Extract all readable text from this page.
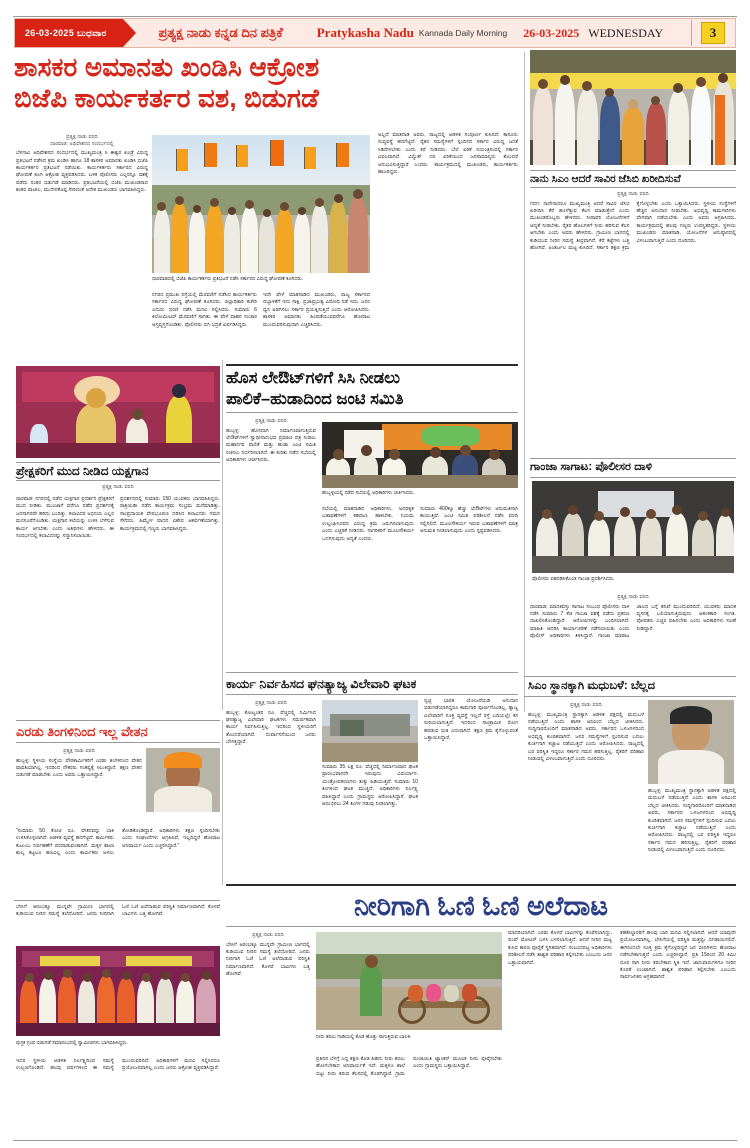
26-03-2025 ಬುಧವಾರ	ಪ್ರತ್ಯಕ್ಷ ನಾಡು ಕನ್ನಡ ದಿನ ಪತ್ರಿಕೆ	Pratykasha Nadu Kannada Daily Morning 26-03-2025 WEDNESDAY	3
ಶಾಸಕರ ಅಮಾನತು ಖಂಡಿಸಿ ಆಕ್ರೋಶ
ಬಿಜೆಪಿ ಕಾರ್ಯಕರ್ತರ ವಶ, ಬಿಡುಗಡೆ
ಪ್ರತ್ಯಕ್ಷ ನಾಡು ವರದಿ
ಧಾರವಾಡ: ಅಧಿವೇಶನದ ಸಂದರ್ಭದಲ್ಲಿ
ಬೆಳಗಾವಿ ಅಧಿವೇಶನದ ಸಂದರ್ಭದಲ್ಲಿ ಮುಖ್ಯಮಂತ್ರಿ ಸಿ ಈಶ್ವರ ಖಂಡ್ರೆ ವಿರುದ್ಧ ಪ್ರತಿಭಟನೆ ನಡೆಸಿದ ಕ್ರಮ ಖಂಡಿಸಿ ಹಾಗೂ 18 ಶಾಸಕರ ಅಮಾನತು ಖಂಡಿಸಿ ಬಿಜೆಪಿ ಕಾರ್ಯಕರ್ತರ ಪ್ರತಿಭಟನೆ ನಡೆಯಿತು. ಕಾರ್ಯಕರ್ತರು ಸರ್ಕಾರದ ವಿರುದ್ಧ ಘೋಷಣೆ ಕೂಗಿ ಆಕ್ರೋಶ ವ್ಯಕ್ತಪಡಿಸಿದರು. ಬಳಿಕ ಪೊಲೀಸರು ಎಲ್ಲರನ್ನೂ ವಶಕ್ಕೆ ಪಡೆದು ನಂತರ ಬಿಡುಗಡೆ ಮಾಡಿದರು. ಪ್ರತಿಭಟನೆಯಲ್ಲಿ ಬಿಜೆಪಿ ಮುಖಂಡರಾದ ಶಂಕರ ಪಾಟೀಲ, ಮುನೇನಕೊಪ್ಪ ಸೇರಿದಂತೆ ಅನೇಕ ಮುಖಂಡರು ಭಾಗವಹಿಸಿದ್ದರು.
ಧಾರವಾಡದಲ್ಲಿ ಬಿಜೆಪಿ ಕಾರ್ಯಕರ್ತರು ಪ್ರತಿಭಟನೆ ನಡೆಸಿ ಸರ್ಕಾರದ ವಿರುದ್ಧ ಘೋಷಣೆ ಕೂಗಿದರು.
ನಗರದ ಪ್ರಮುಖ ರಸ್ತೆಯಲ್ಲಿ ಮೆರವಣಿಗೆ ನಡೆಸಿದ ಕಾರ್ಯಕರ್ತರು ಸರ್ಕಾರದ ವಿರುದ್ಧ ಘೋಷಣೆ ಕೂಗಿದರು. ಜಿಲ್ಲಾಧಿಕಾರಿ ಕಚೇರಿ ಎದುರು ಧರಣಿ ನಡೆಸಿ ಮನವಿ ಸಲ್ಲಿಸಿದರು. ಸುಮಾರು 6 ಕಿಲೋಮೀಟರ್ ಮೆರವಣಿಗೆ ಸಾಗಿತು. ಈ ವೇಳೆ ವಾಹನ ಸಂಚಾರ ಅಸ್ತವ್ಯಸ್ತಗೊಂಡಿತು. ಪೊಲೀಸರು ಬಿಗಿ ಭದ್ರತೆ ಏರ್ಪಡಿಸಿದ್ದರು.
ಇದೇ ವೇಳೆ ಮಾತನಾಡಿದ ಮುಖಂಡರು, ರಾಜ್ಯ ಸರ್ಕಾರದ ದಬ್ಬಾಳಿಕೆಗೆ ಇದು ಸಾಕ್ಷಿ. ಪ್ರಜಾಪ್ರಭುತ್ವ ವಿರೋಧಿ ನಡೆ ಇದು. ಜನರ ಧ್ವನಿ ಅಡಗಿಸಲು ಸರ್ಕಾರ ಪ್ರಯತ್ನಿಸುತ್ತಿದೆ ಎಂದು ಆರೋಪಿಸಿದರು. ಶಾಸಕರ ಅಮಾನತು ಹಿಂಪಡೆಯುವವರೆಗೂ ಹೋರಾಟ ಮುಂದುವರಿಸುವುದಾಗಿ ಎಚ್ಚರಿಸಿದರು.
ಅಲ್ಲದೆ ಮಾತನಾಡಿ ಅವರು, ರಾಜ್ಯದಲ್ಲಿ ಆಡಳಿತ ಸಂಪೂರ್ಣ ಕುಸಿದಿದೆ. ಕಾನೂನು ಸುವ್ಯವಸ್ಥೆ ಹದಗೆಟ್ಟಿದೆ. ರೈತರ ಸಮಸ್ಯೆಗಳಿಗೆ ಸ್ಪಂದಿಸದ ಸರ್ಕಾರ ವಿರುದ್ಧ ಜನತೆ ಸಿಡಿದೇಳಬೇಕು ಎಂದು ಕರೆ ನೀಡಿದರು. ಬೆಲೆ ಏರಿಕೆ ನಿಯಂತ್ರಿಸುವಲ್ಲಿ ಸರ್ಕಾರ ವಿಫಲವಾಗಿದೆ. ವಿದ್ಯುತ್ ದರ ಏರಿಕೆಯಿಂದ ಜನಸಾಮಾನ್ಯರು ತೊಂದರೆ ಅನುಭವಿಸುತ್ತಿದ್ದಾರೆ ಎಂದರು. ಕಾರ್ಯಕ್ರಮದಲ್ಲಿ ಮುಖಂಡರು, ಕಾರ್ಯಕರ್ತರು ಹಾಜರಿದ್ದರು.
ನಾನು ಸಿಎಂ ಆದರೆ ಸಾವಿರ ಜೆಸಿಬಿ ಖರೀದಿಸುವೆ
ಪ್ರತ್ಯಕ್ಷ ನಾಡು ವರದಿ
ಗದಗ: ನಾನೇನಾದರೂ ಮುಖ್ಯಮಂತ್ರಿ ಆದರೆ ಸಾವಿರ ಜೆಸಿಬಿ ಖರೀದಿಸಿ ಕೆರೆ ಹೂಳೆತ್ತುವ ಕೆಲಸ ಮಾಡುತ್ತೇನೆ ಎಂದು ಮುಖಂಡರೊಬ್ಬರು ಹೇಳಿದರು. ನೀರಾವರಿ ಯೋಜನೆಗಳಿಗೆ ಆದ್ಯತೆ ನೀಡಬೇಕು. ರೈತರ ಹೊಲಗಳಿಗೆ ನೀರು ಹರಿಸುವ ಕೆಲಸ ಆಗಬೇಕು ಎಂದು ಅವರು ಹೇಳಿದರು. ಗ್ರಾಮೀಣ ಭಾಗದಲ್ಲಿ ಕುಡಿಯುವ ನೀರಿನ ಸಮಸ್ಯೆ ತೀವ್ರವಾಗಿದೆ. ಕೆರೆ ಕಟ್ಟೆಗಳು ಬತ್ತಿ ಹೋಗಿವೆ. ಅಂತರ್ಜಲ ಮಟ್ಟ ಕುಸಿದಿದೆ. ಸರ್ಕಾರ ತಕ್ಷಣ ಕ್ರಮ ಕೈಗೊಳ್ಳಬೇಕು ಎಂದು ಒತ್ತಾಯಿಸಿದರು. ಸ್ಥಳೀಯ ಸಂಸ್ಥೆಗಳಿಗೆ ಹೆಚ್ಚಿನ ಅನುದಾನ ನೀಡಬೇಕು. ಅಭಿವೃದ್ಧಿ ಕಾಮಗಾರಿಗಳು ವೇಗವಾಗಿ ನಡೆಯಬೇಕು ಎಂದು ಅವರು ಆಗ್ರಹಿಸಿದರು. ಕಾರ್ಯಕ್ರಮದಲ್ಲಿ ಹಲವು ಗಣ್ಯರು ಉಪಸ್ಥಿತರಿದ್ದರು. ಸ್ಥಳೀಯ ಮುಖಂಡರು ಮಾತನಾಡಿ, ಯೋಜನೆಗಳ ಅನುಷ್ಠಾನದಲ್ಲಿ ವಿಳಂಬವಾಗುತ್ತಿದೆ ಎಂದು ದೂರಿದರು.
ಪ್ರೇಕ್ಷಕರಿಗೆ ಮುದ ನೀಡಿದ ಯಕ್ಷಗಾನ
ಪ್ರತ್ಯಕ್ಷ ನಾಡು ವರದಿ
ಧಾರವಾಡ: ನಗರದಲ್ಲಿ ನಡೆದ ಯಕ್ಷಗಾನ ಪ್ರದರ್ಶನ ಪ್ರೇಕ್ಷಕರಿಗೆ ಮುದ ನೀಡಿತು. ಮುಂಜಾನೆ ವರೆಗೂ ನಡೆದ ಪ್ರದರ್ಶನಕ್ಕೆ ಜನಸಾಗರವೇ ಹರಿದು ಬಂದಿತ್ತು. ಕಲಾವಿದರ ಅಭಿನಯ ಎಲ್ಲರ ಮನಸೂರೆಗೊಂಡಿತು. ಯಕ್ಷಗಾನ ಕಲೆಯನ್ನು ಉಳಿಸಿ ಬೆಳೆಸುವ ಕಾರ್ಯ ಆಗಬೇಕು ಎಂದು ಅತಿಥಿಗಳು ಹೇಳಿದರು. ಈ ಸಂದರ್ಭದಲ್ಲಿ ಕಲಾವಿದರನ್ನು ಸನ್ಮಾನಿಸಲಾಯಿತು.
ಪ್ರದರ್ಶನದಲ್ಲಿ ಸುಮಾರು 150 ಯುವಕರು ಭಾಗವಹಿಸಿದ್ದರು. ರಾತ್ರಿಯಿಡೀ ನಡೆದ ಕಾರ್ಯಕ್ರಮ ಸಂಭ್ರಮ ಮನೆಮಾಡಿತ್ತು. ಸಾಂಪ್ರದಾಯಿಕ ವೇಷಭೂಷಣ ಧರಿಸಿದ ಕಲಾವಿದರು ಗಮನ ಸೆಳೆದರು. ಹಿಮ್ಮೇಳ ವಾದನ ವಿಶೇಷ ಆಕರ್ಷಣೆಯಾಗಿತ್ತು. ಕಾರ್ಯಕ್ರಮದಲ್ಲಿ ಗಣ್ಯರು ಭಾಗವಹಿಸಿದ್ದರು.
ಹೊಸ ಲೇಔಟ್‌ಗಳಿಗೆ ಸಿಸಿ ನೀಡಲು
ಪಾಲಿಕೆ–ಹುಡಾದಿಂದ ಜಂಟಿ ಸಮಿತಿ
ಪ್ರತ್ಯಕ್ಷ ನಾಡು ವರದಿ
ಹುಬ್ಬಳ್ಳಿ: ಹೊಸದಾಗಿ ನಿರ್ಮಾಣವಾಗುತ್ತಿರುವ ಲೇಔಟ್‌ಗಳಿಗೆ ಸ್ವಾಧೀನಾನುಭವ ಪ್ರಮಾಣ ಪತ್ರ ನೀಡಲು ಮಹಾನಗರ ಪಾಲಿಕೆ ಮತ್ತು ಹುಡಾ ಜಂಟಿ ಸಮಿತಿ ರಚಿಸಲು ನಿರ್ಧರಿಸಲಾಗಿದೆ. ಈ ಕುರಿತು ನಡೆದ ಸಭೆಯಲ್ಲಿ ಅಧಿಕಾರಿಗಳು ಚರ್ಚಿಸಿದರು.
ಹುಬ್ಬಳ್ಳಿಯಲ್ಲಿ ನಡೆದ ಸಭೆಯಲ್ಲಿ ಅಧಿಕಾರಿಗಳು ಚರ್ಚಿಸಿದರು.
ಸಭೆಯಲ್ಲಿ ಮಾತನಾಡಿದ ಅಧಿಕಾರಿಗಳು, ಅನಧಿಕೃತ ಬಡಾವಣೆಗಳಿಗೆ ಕಡಿವಾಣ ಹಾಕಬೇಕು. ನಿಯಮ ಉಲ್ಲಂಘಿಸಿದವರ ವಿರುದ್ಧ ಕ್ರಮ ಜರುಗಿಸಲಾಗುವುದು ಎಂದು ಎಚ್ಚರಿಕೆ ನೀಡಿದರು. ನಾಗರಿಕರಿಗೆ ಮೂಲಸೌಕರ್ಯ ಒದಗಿಸುವುದು ಆದ್ಯತೆ ಎಂದರು.
ಸುಮಾರು 400ಕ್ಕೂ ಹೆಚ್ಚು ಲೇಔಟ್‌ಗಳು ಅನುಮತಿಗಾಗಿ ಕಾಯುತ್ತಿವೆ. ಜಂಟಿ ಸಮಿತಿ ಪರಿಶೀಲನೆ ನಡೆಸಿ ವರದಿ ಸಲ್ಲಿಸಲಿದೆ. ಮೂಲಸೌಕರ್ಯ ಇರುವ ಬಡಾವಣೆಗಳಿಗೆ ಮಾತ್ರ ಅನುಮತಿ ನೀಡಲಾಗುವುದು ಎಂದು ಸ್ಪಷ್ಟಪಡಿಸಿದರು.
ಗಾಂಜಾ ಸಾಗಾಟ: ಪೊಲೀಸರ ದಾಳಿ
ಪೊಲೀಸರು ವಶಪಡಿಸಿಕೊಂಡ ಗಾಂಜಾ ಪ್ರದರ್ಶಿಸಿದರು.
ಪ್ರತ್ಯಕ್ಷ ನಾಡು ವರದಿ
ಧಾರವಾಡ: ಮಾದಕವಸ್ತು ಸಾಗಾಟ ಸಂಬಂಧ ಪೊಲೀಸರು ದಾಳಿ ನಡೆಸಿ ಸುಮಾರು 7 ಕೆಜಿ ಗಾಂಜಾ ವಶಕ್ಕೆ ಪಡೆದು ಪ್ರಕರಣ ದಾಖಲಿಸಿಕೊಂಡಿದ್ದಾರೆ. ಆರೋಪಿಗಳನ್ನು ಬಂಧಿಸಲಾಗಿದೆ. ಮಾಹಿತಿ ಆಧರಿಸಿ ಕಾರ್ಯಾಚರಣೆ ನಡೆಸಲಾಯಿತು ಎಂದು ಪೊಲೀಸ್ ಅಧಿಕಾರಿಗಳು ತಿಳಿಸಿದ್ದಾರೆ. ಗಾಂಜಾ ಮಾರಾಟ ಜಾಲದ ಬಗ್ಗೆ ತನಿಖೆ ಮುಂದುವರಿದಿದೆ. ಯುವಕರು ಮಾದಕ ವ್ಯಸನಕ್ಕೆ ಬಲಿಯಾಗುತ್ತಿರುವುದು ಆತಂಕಕಾರಿ ಸಂಗತಿ. ಪೋಷಕರು ಎಚ್ಚರ ವಹಿಸಬೇಕು ಎಂದು ಅಧಿಕಾರಿಗಳು ಸಲಹೆ ನೀಡಿದ್ದಾರೆ.
ಕಾರ್ಯ ನಿರ್ವಹಿಸದ ಘನತ್ಯಾಜ್ಯ ವಿಲೇವಾರಿ ಘಟಕ
ಪ್ರತ್ಯಕ್ಷ ನಾಡು ವರದಿ
ಹುಬ್ಬಳ್ಳಿ: ಕೋಟ್ಯಂತರ ರೂ. ವೆಚ್ಚದಲ್ಲಿ ನಿರ್ಮಿಸಿದ ಘನತ್ಯಾಜ್ಯ ವಿಲೇವಾರಿ ಘಟಕಗಳು ಸಮರ್ಪಕವಾಗಿ ಕಾರ್ಯ ನಿರ್ವಹಿಸುತ್ತಿಲ್ಲ. ಇದರಿಂದ ಸ್ಥಳೀಯರಿಗೆ ತೊಂದರೆಯಾಗಿದೆ. ದುರ್ವಾಸನೆಯಿಂದ ಜನರು ಬೇಸತ್ತಿದ್ದಾರೆ.
ಸುಮಾರು 35 ಲಕ್ಷ ರೂ. ವೆಚ್ಚದಲ್ಲಿ ನಿರ್ಮಾಣವಾದ ಘಟಕ ಪ್ರಾರಂಭವಾಗದೇ ಇರುವುದು ವಿಪರ್ಯಾಸ. ಯಂತ್ರೋಪಕರಣಗಳು ತುಕ್ಕು ಹಿಡಿಯುತ್ತಿವೆ. ಸುಮಾರು 10 ತಿಂಗಳಿಂದ ಘಟಕ ಮುಚ್ಚಿದೆ. ಅಧಿಕಾರಿಗಳು ನಿರ್ಲಕ್ಷ್ಯ ವಹಿಸಿದ್ದಾರೆ ಎಂದು ಗ್ರಾಮಸ್ಥರು ಆರೋಪಿಸಿದ್ದಾರೆ. ಘಟಕ ಆರಂಭಿಸಲು 24 ತಿಂಗಳ ಗಡುವು ನೀಡಲಾಗಿತ್ತು.
ಸ್ವಚ್ಛ ಭಾರತ ಯೋಜನೆಯಡಿ ಅನುದಾನ ಬಿಡುಗಡೆಯಾಗಿದ್ದರೂ ಕಾಮಗಾರಿ ಪೂರ್ಣಗೊಂಡಿಲ್ಲ. ತ್ಯಾಜ್ಯ ವಿಲೇವಾರಿಗೆ ಸೂಕ್ತ ವ್ಯವಸ್ಥೆ ಇಲ್ಲದೆ ರಸ್ತೆ ಬದಿಯಲ್ಲೇ ಕಸ ಸುರಿಯಲಾಗುತ್ತಿದೆ. ಇದರಿಂದ ಸಾಂಕ್ರಾಮಿಕ ರೋಗ ಹರಡುವ ಭೀತಿ ಎದುರಾಗಿದೆ. ತಕ್ಷಣ ಕ್ರಮ ಕೈಗೊಳ್ಳುವಂತೆ ಒತ್ತಾಯಿಸಿದ್ದಾರೆ.
ಸಿಎಂ ಸ್ಥಾನಕ್ಕಾಗಿ ಮಧುಬಳೆ: ಬೆಲ್ಲದ
ಪ್ರತ್ಯಕ್ಷ ನಾಡು ವರದಿ
ಹುಬ್ಬಳ್ಳಿ: ಮುಖ್ಯಮಂತ್ರಿ ಸ್ಥಾನಕ್ಕಾಗಿ ಆಡಳಿತ ಪಕ್ಷದಲ್ಲಿ ಮಧುಬಳೆ ನಡೆಯುತ್ತಿದೆ ಎಂದು ಶಾಸಕ ಅರವಿಂದ ಬೆಲ್ಲದ ಟೀಕಿಸಿದರು. ಸುದ್ದಿಗಾರರೊಂದಿಗೆ ಮಾತನಾಡಿದ ಅವರು, ಸರ್ಕಾರದ ಒಳಜಗಳದಿಂದ ಅಭಿವೃದ್ಧಿ ಕುಂಠಿತವಾಗಿದೆ. ಜನರ ಸಮಸ್ಯೆಗಳಿಗೆ ಸ್ಪಂದಿಸುವ ಬದಲು ಕುರ್ಚಿಗಾಗಿ ಕಚ್ಚಾಟ ನಡೆಯುತ್ತಿದೆ ಎಂದು ಆರೋಪಿಸಿದರು. ರಾಜ್ಯದಲ್ಲಿ ಬರ ಪರಿಸ್ಥಿತಿ ಇದ್ದರೂ ಸರ್ಕಾರ ಗಮನ ಹರಿಸುತ್ತಿಲ್ಲ. ರೈತರಿಗೆ ಪರಿಹಾರ ನೀಡುವಲ್ಲಿ ವಿಳಂಬವಾಗುತ್ತಿದೆ ಎಂದು ದೂರಿದರು.
ಹುಬ್ಬಳ್ಳಿ: ಮುಖ್ಯಮಂತ್ರಿ ಸ್ಥಾನಕ್ಕಾಗಿ ಆಡಳಿತ ಪಕ್ಷದಲ್ಲಿ ಮಧುಬಳೆ ನಡೆಯುತ್ತಿದೆ ಎಂದು ಶಾಸಕ ಅರವಿಂದ ಬೆಲ್ಲದ ಟೀಕಿಸಿದರು. ಸುದ್ದಿಗಾರರೊಂದಿಗೆ ಮಾತನಾಡಿದ ಅವರು, ಸರ್ಕಾರದ ಒಳಜಗಳದಿಂದ ಅಭಿವೃದ್ಧಿ ಕುಂಠಿತವಾಗಿದೆ. ಜನರ ಸಮಸ್ಯೆಗಳಿಗೆ ಸ್ಪಂದಿಸುವ ಬದಲು ಕುರ್ಚಿಗಾಗಿ ಕಚ್ಚಾಟ ನಡೆಯುತ್ತಿದೆ ಎಂದು ಆರೋಪಿಸಿದರು. ರಾಜ್ಯದಲ್ಲಿ ಬರ ಪರಿಸ್ಥಿತಿ ಇದ್ದರೂ ಸರ್ಕಾರ ಗಮನ ಹರಿಸುತ್ತಿಲ್ಲ. ರೈತರಿಗೆ ಪರಿಹಾರ ನೀಡುವಲ್ಲಿ ವಿಳಂಬವಾಗುತ್ತಿದೆ ಎಂದು ದೂರಿದರು.
ಎರಡು ತಿಂಗಳಿನಿಂದ ಇಲ್ಲ ವೇತನ
ಪ್ರತ್ಯಕ್ಷ ನಾಡು ವರದಿ
ಹುಬ್ಬಳ್ಳಿ: ಸ್ಥಳೀಯ ಸಂಸ್ಥೆಯ ಪೌರಕಾರ್ಮಿಕರಿಗೆ ಎರಡು ತಿಂಗಳಿನಿಂದ ವೇತನ ಪಾವತಿಯಾಗಿಲ್ಲ. ಇದರಿಂದ ನೌಕರರು ಸಂಕಷ್ಟಕ್ಕೆ ಸಿಲುಕಿದ್ದಾರೆ. ತಕ್ಷಣ ವೇತನ ಬಿಡುಗಡೆ ಮಾಡಬೇಕು ಎಂದು ಅವರು ಒತ್ತಾಯಿಸಿದ್ದಾರೆ.
"ಸುಮಾರು 50 ಕೋಟಿ ರೂ. ವೇತನವನ್ನು ಬಾಕಿ ಉಳಿಸಿಕೊಳ್ಳಲಾಗಿದೆ. ಆಡಳಿತ ವ್ಯವಸ್ಥೆ ಹದಗೆಟ್ಟಿದೆ. ಕಾರ್ಮಿಕರು ಕುಟುಂಬ ನಿರ್ವಹಣೆಗೆ ಪರದಾಡುವಂತಾಗಿದೆ. ಮಕ್ಕಳ ಶಾಲಾ ಶುಲ್ಕ ಕಟ್ಟಲೂ ಹಣವಿಲ್ಲ ಎಂದು ಕಾರ್ಮಿಕರು ಅಳಲು ತೋಡಿಕೊಂಡಿದ್ದಾರೆ. ಅಧಿಕಾರಿಗಳು ತಕ್ಷಣ ಸ್ಪಂದಿಸಬೇಕು ಎಂದು ಸಂಘಟನೆಗಳು ಆಗ್ರಹಿಸಿವೆ. ಇಲ್ಲದಿದ್ದರೆ ಹೋರಾಟ ಅನಿವಾರ್ಯ ಎಂದು ಎಚ್ಚರಿಸಿದ್ದಾರೆ."
ನೀರಿಗಾಗಿ ಓಣಿ ಓಣಿ ಅಲೆದಾಟ
ಬೇಸಿಗೆ ಆರಂಭಕ್ಕೂ ಮುನ್ನವೇ ಗ್ರಾಮೀಣ ಭಾಗದಲ್ಲಿ ಕುಡಿಯುವ ನೀರಿನ ಸಮಸ್ಯೆ ತಲೆದೋರಿದೆ. ಜನರು ನೀರಿಗಾಗಿ ಓಣಿ ಓಣಿ ಅಲೆದಾಡುವ ಪರಿಸ್ಥಿತಿ ನಿರ್ಮಾಣವಾಗಿದೆ. ಕೊಳವೆ ಬಾವಿಗಳು ಬತ್ತಿ ಹೋಗಿವೆ.
ಪುಸ್ತಕ ಗ್ರಂಥ ಬಿಡುಗಡೆ ಸಮಾರಂಭದಲ್ಲಿ ಸ್ವಾಮೀಜಿಗಳು ಭಾಗವಹಿಸಿದ್ದರು.
ಇದರ ಸ್ಥಳೀಯ ಆಡಳಿತ ನಿರ್ಲಕ್ಷ್ಯದಿಂದ ಸಮಸ್ಯೆ ಉಲ್ಬಣಗೊಂಡಿದೆ. ಹಲವು ವರ್ಷಗಳಿಂದ ಈ ಸಮಸ್ಯೆ ಮುಂದುವರಿದಿದೆ. ಅಧಿಕಾರಿಗಳಿಗೆ ಮನವಿ ಸಲ್ಲಿಸಿದರೂ ಪ್ರಯೋಜನವಾಗಿಲ್ಲ ಎಂದು ಜನರು ಆಕ್ರೋಶ ವ್ಯಕ್ತಪಡಿಸಿದ್ದಾರೆ.
ಪ್ರತ್ಯಕ್ಷ ನಾಡು ವರದಿ
ಬೇಸಿಗೆ ಆರಂಭಕ್ಕೂ ಮುನ್ನವೇ ಗ್ರಾಮೀಣ ಭಾಗದಲ್ಲಿ ಕುಡಿಯುವ ನೀರಿನ ಸಮಸ್ಯೆ ತಲೆದೋರಿದೆ. ಜನರು ನೀರಿಗಾಗಿ ಓಣಿ ಓಣಿ ಅಲೆದಾಡುವ ಪರಿಸ್ಥಿತಿ ನಿರ್ಮಾಣವಾಗಿದೆ. ಕೊಳವೆ ಬಾವಿಗಳು ಬತ್ತಿ ಹೋಗಿವೆ.
ನೀರು ತರಲು ಗಾಡಿಯಲ್ಲಿ ಕೊಡ ಹೊತ್ತು ಸಾಗುತ್ತಿರುವ ಬಾಲಕ.
ಪ್ರತಿದಿನ ಬೆಳಗ್ಗೆ ಎದ್ದ ತಕ್ಷಣ ಕೊಡ ಹಿಡಿದು ನೀರು ತರಲು ಹೋಗಬೇಕಾದ ಅನಿವಾರ್ಯತೆ ಇದೆ. ಮಕ್ಕಳೂ ಶಾಲೆ ಬಿಟ್ಟು ನೀರು ತರುವ ಕೆಲಸದಲ್ಲಿ ತೊಡಗಿದ್ದಾರೆ. ಗ್ರಾಮ ಪಂಚಾಯಿತಿ ಟ್ಯಾಂಕರ್ ಮೂಲಕ ನೀರು ಪೂರೈಸಬೇಕು ಎಂದು ಗ್ರಾಮಸ್ಥರು ಒತ್ತಾಯಿಸಿದ್ದಾರೆ.
ಮಾದರಿಯಾಗಿದೆ. ಎರಡು ಕೊಳವೆ ಬಾವಿಗಳನ್ನು ಕೊರೆಸಲಾಗಿದ್ದು, ಪಂಪ್ ಮೋಟರ್ ಬಳಸಿ ಬಳಸಲಾಗುತ್ತಿದೆ. ಆದರೆ ನೀರಿನ ಮಟ್ಟ ಕುಸಿದ ಕಾರಣ ಪೂರೈಕೆ ಸ್ಥಗಿತವಾಗಿದೆ. ಸಂಬಂಧಪಟ್ಟ ಅಧಿಕಾರಿಗಳು ಪರಿಶೀಲನೆ ನಡೆಸಿ ಶಾಶ್ವತ ಪರಿಹಾರ ಕಲ್ಪಿಸಬೇಕು ಎಂಬುದು ಜನರ ಒತ್ತಾಯವಾಗಿದೆ.
ತಹಶೀಲ್ದಾರರಿಗೆ ಹಲವು ಬಾರಿ ಮನವಿ ಸಲ್ಲಿಸಲಾಗಿದೆ. ಆದರೆ ಯಾವುದೇ ಪ್ರಯೋಜನವಾಗಿಲ್ಲ. ಬೇಸಿಗೆಯಲ್ಲಿ ಪರಿಸ್ಥಿತಿ ಮತ್ತಷ್ಟು ಬಿಗಡಾಯಿಸಲಿದೆ. ಈಗಿನಿಂದಲೇ ಸೂಕ್ತ ಕ್ರಮ ಕೈಗೊಳ್ಳದಿದ್ದರೆ ಜನ ಬೀದಿಗಿಳಿದು ಹೋರಾಟ ನಡೆಸಬೇಕಾಗುತ್ತದೆ ಎಂದು ಎಚ್ಚರಿಸಿದ್ದಾರೆ. ಪ್ರತಿ 15ರಿಂದ 20 ಕಿಮೀ ದೂರ ಸಾಗಿ ನೀರು ತರಬೇಕಾದ ಸ್ಥಿತಿ ಇದೆ. ಜಾನುವಾರುಗಳಿಗೂ ನೀರಿನ ಕೊರತೆ ಉಂಟಾಗಿದೆ. ಶಾಶ್ವತ ಪರಿಹಾರ ಕಲ್ಪಿಸಬೇಕು ಎಂಬುದು ಸಾರ್ವಜನಿಕರ ಆಗ್ರಹವಾಗಿದೆ.
